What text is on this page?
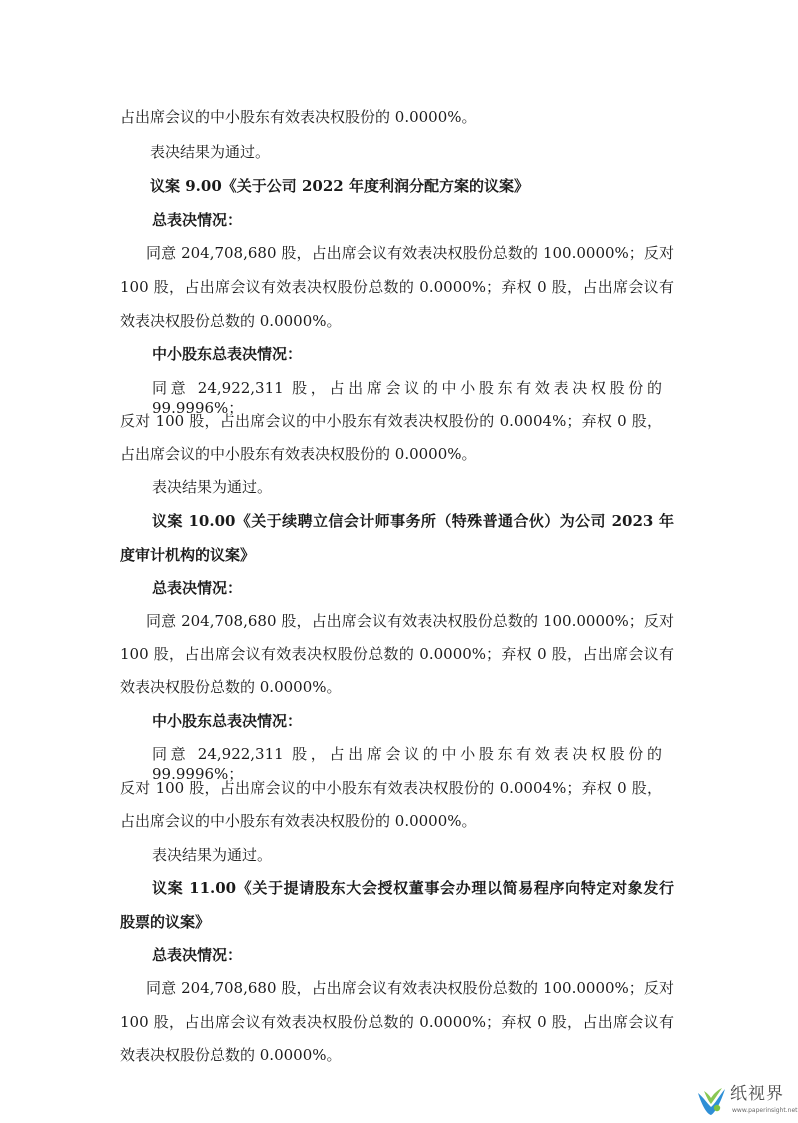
占出席会议的中小股东有效表决权股份的 0.0000%。
表决结果为通过。
议案 9.00《关于公司 2022 年度利润分配方案的议案》
总表决情况：
同意 204,708,680 股，占出席会议有效表决权股份总数的 100.0000%；反对
100 股，占出席会议有效表决权股份总数的 0.0000%；弃权 0 股，占出席会议有
效表决权股份总数的 0.0000%。
中小股东总表决情况：
同意 24,922,311 股，占出席会议的中小股东有效表决权股份的 99.9996%；
反对 100 股，占出席会议的中小股东有效表决权股份的 0.0004%；弃权 0 股，
占出席会议的中小股东有效表决权股份的 0.0000%。
表决结果为通过。
议案 10.00《关于续聘立信会计师事务所（特殊普通合伙）为公司 2023 年
度审计机构的议案》
总表决情况：
同意 204,708,680 股，占出席会议有效表决权股份总数的 100.0000%；反对
100 股，占出席会议有效表决权股份总数的 0.0000%；弃权 0 股，占出席会议有
效表决权股份总数的 0.0000%。
中小股东总表决情况：
同意 24,922,311 股，占出席会议的中小股东有效表决权股份的 99.9996%；
反对 100 股，占出席会议的中小股东有效表决权股份的 0.0004%；弃权 0 股，
占出席会议的中小股东有效表决权股份的 0.0000%。
表决结果为通过。
议案 11.00《关于提请股东大会授权董事会办理以简易程序向特定对象发行
股票的议案》
总表决情况：
同意 204,708,680 股，占出席会议有效表决权股份总数的 100.0000%；反对
100 股，占出席会议有效表决权股份总数的 0.0000%；弃权 0 股，占出席会议有
效表决权股份总数的 0.0000%。
纸视界
www.paperinsight.net
